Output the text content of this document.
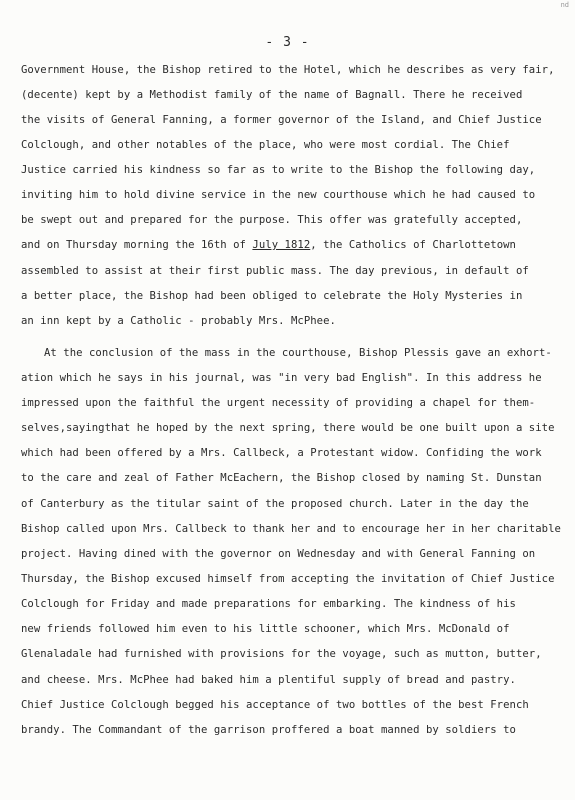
nd
- 3 -
Government House, the Bishop retired to the Hotel, which he describes as very fair,
(decente) kept by a Methodist family of the name of Bagnall. There he received
the visits of General Fanning, a former governor of the Island, and Chief Justice
Colclough, and other notables of the place, who were most cordial. The Chief
Justice carried his kindness so far as to write to the Bishop the following day,
inviting him to hold divine service in the new courthouse which he had caused to
be swept out and prepared for the purpose. This offer was gratefully accepted,
and on Thursday morning the 16th of July 1812, the Catholics of Charlottetown
assembled to assist at their first public mass. The day previous, in default of
a better place, the Bishop had been obliged to celebrate the Holy Mysteries in
an inn kept by a Catholic - probably Mrs. McPhee.
At the conclusion of the mass in the courthouse, Bishop Plessis gave an exhort-
ation which he says in his journal, was "in very bad English". In this address he
impressed upon the faithful the urgent necessity of providing a chapel for them-
selves,sayingthat he hoped by the next spring, there would be one built upon a site
which had been offered by a Mrs. Callbeck, a Protestant widow. Confiding the work
to the care and zeal of Father McEachern, the Bishop closed by naming St. Dunstan
of Canterbury as the titular saint of the proposed church. Later in the day the
Bishop called upon Mrs. Callbeck to thank her and to encourage her in her charitable
project. Having dined with the governor on Wednesday and with General Fanning on
Thursday, the Bishop excused himself from accepting the invitation of Chief Justice
Colclough for Friday and made preparations for embarking. The kindness of his
new friends followed him even to his little schooner, which Mrs. McDonald of
Glenaladale had furnished with provisions for the voyage, such as mutton, butter,
and cheese. Mrs. McPhee had baked him a plentiful supply of bread and pastry.
Chief Justice Colclough begged his acceptance of two bottles of the best French
brandy. The Commandant of the garrison proffered a boat manned by soldiers to
